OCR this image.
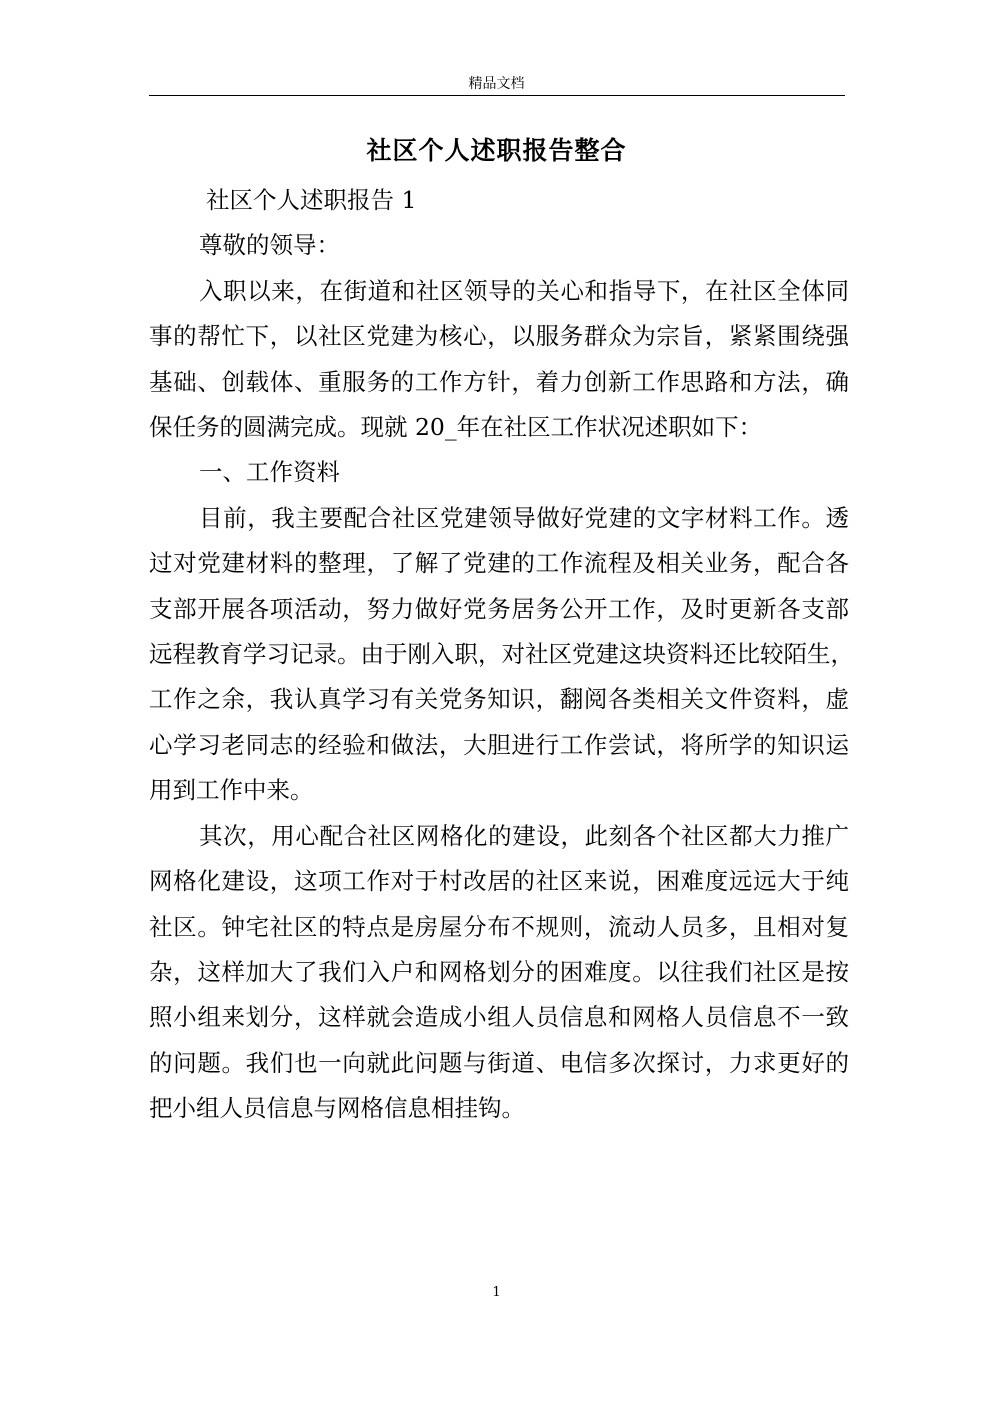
精品文档
社区个人述职报告整合

社区个人述职报告 1

尊敬的领导：

入职以来，在街道和社区领导的关心和指导下，在社区全体同

事的帮忙下，以社区党建为核心，以服务群众为宗旨，紧紧围绕强

基础、创载体、重服务的工作方针，着力创新工作思路和方法，确

保任务的圆满完成。现就 20_年在社区工作状况述职如下：

一、工作资料

目前，我主要配合社区党建领导做好党建的文字材料工作。透

过对党建材料的整理，了解了党建的工作流程及相关业务，配合各

支部开展各项活动，努力做好党务居务公开工作，及时更新各支部

远程教育学习记录。由于刚入职，对社区党建这块资料还比较陌生，

工作之余，我认真学习有关党务知识，翻阅各类相关文件资料，虚

心学习老同志的经验和做法，大胆进行工作尝试，将所学的知识运

用到工作中来。

其次，用心配合社区网格化的建设，此刻各个社区都大力推广

网格化建设，这项工作对于村改居的社区来说，困难度远远大于纯

社区。钟宅社区的特点是房屋分布不规则，流动人员多，且相对复

杂，这样加大了我们入户和网格划分的困难度。以往我们社区是按

照小组来划分，这样就会造成小组人员信息和网格人员信息不一致

的问题。我们也一向就此问题与街道、电信多次探讨，力求更好的

把小组人员信息与网格信息相挂钩。

1
